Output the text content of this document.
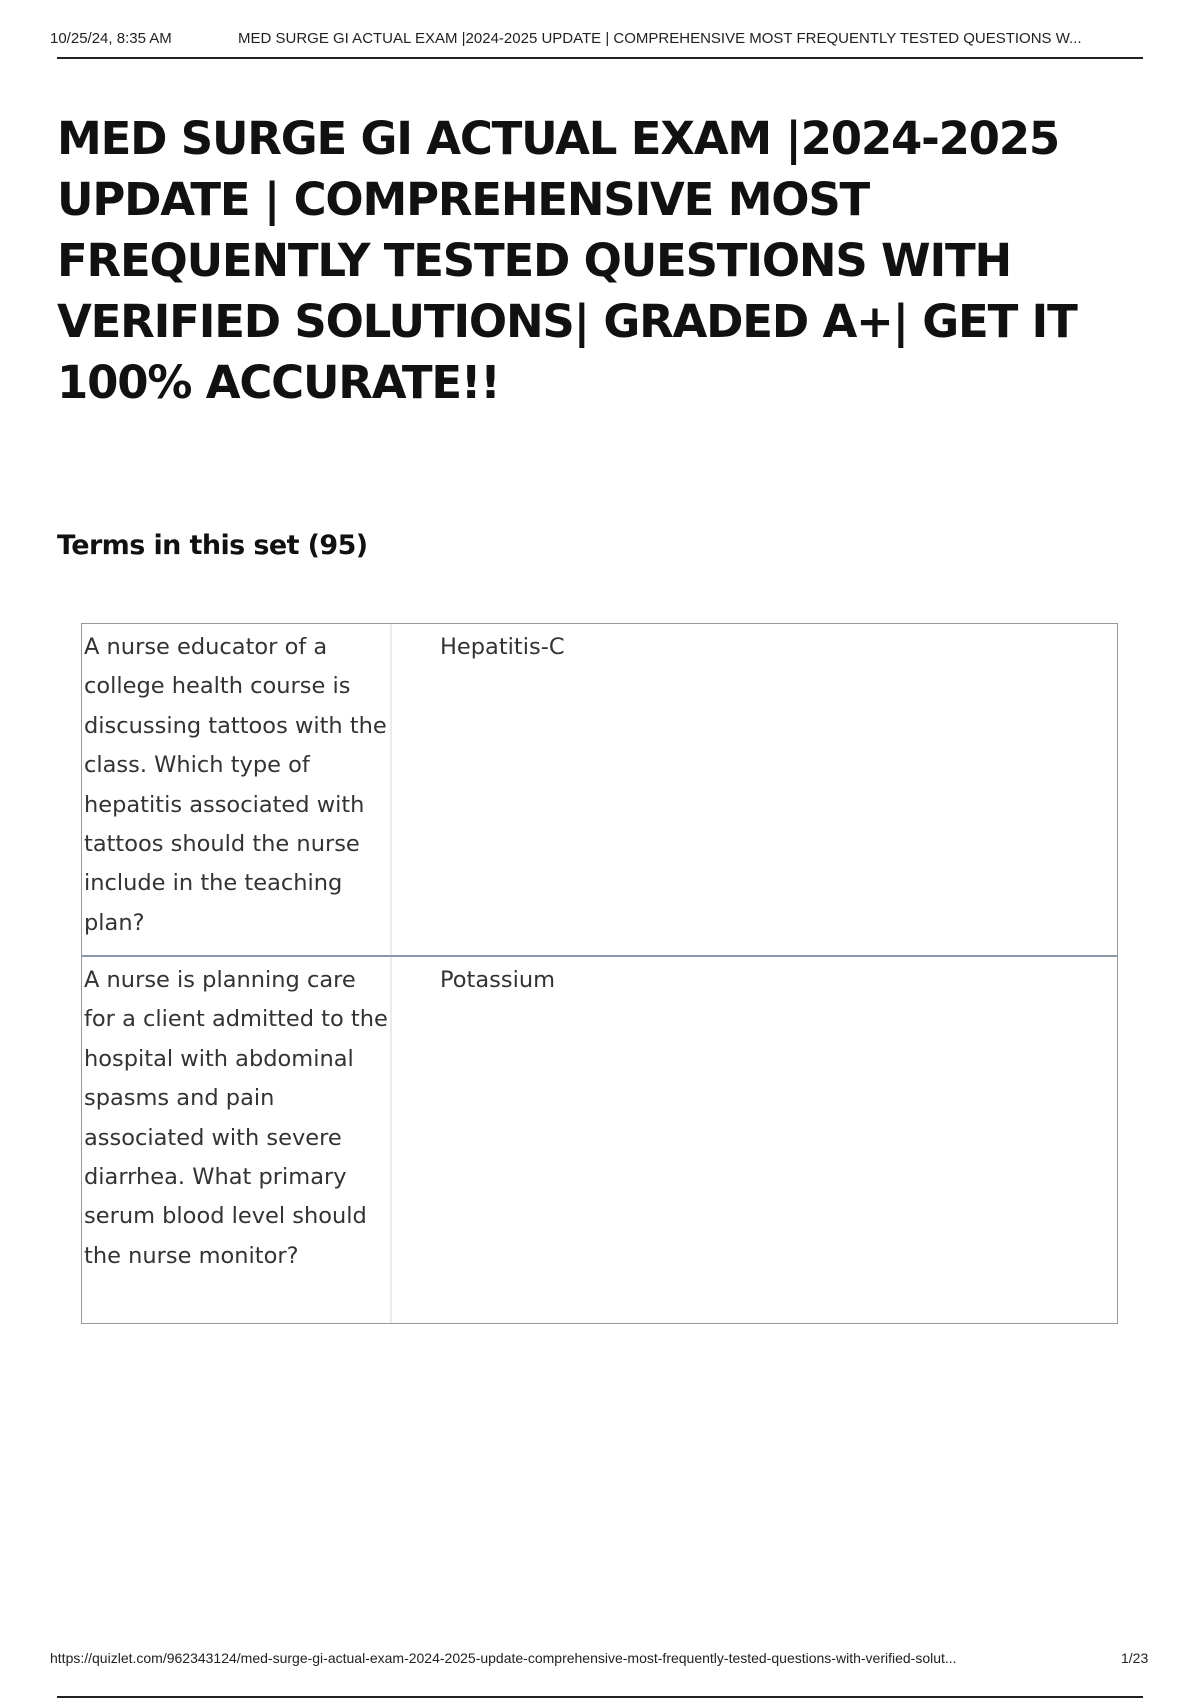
10/25/24, 8:35 AM	MED SURGE GI ACTUAL EXAM |2024-2025 UPDATE | COMPREHENSIVE MOST FREQUENTLY TESTED QUESTIONS W...
MED SURGE GI ACTUAL EXAM |2024-2025 UPDATE | COMPREHENSIVE MOST FREQUENTLY TESTED QUESTIONS WITH VERIFIED SOLUTIONS| GRADED A+| GET IT 100% ACCURATE!!
Terms in this set (95)
A nurse educator of a college health course is discussing tattoos with the class. Which type of hepatitis associated with tattoos should the nurse include in the teaching plan?
Hepatitis-C
A nurse is planning care for a client admitted to the hospital with abdominal spasms and pain associated with severe diarrhea. What primary serum blood level should the nurse monitor?
Potassium
https://quizlet.com/962343124/med-surge-gi-actual-exam-2024-2025-update-comprehensive-most-frequently-tested-questions-with-verified-solut...	1/23
